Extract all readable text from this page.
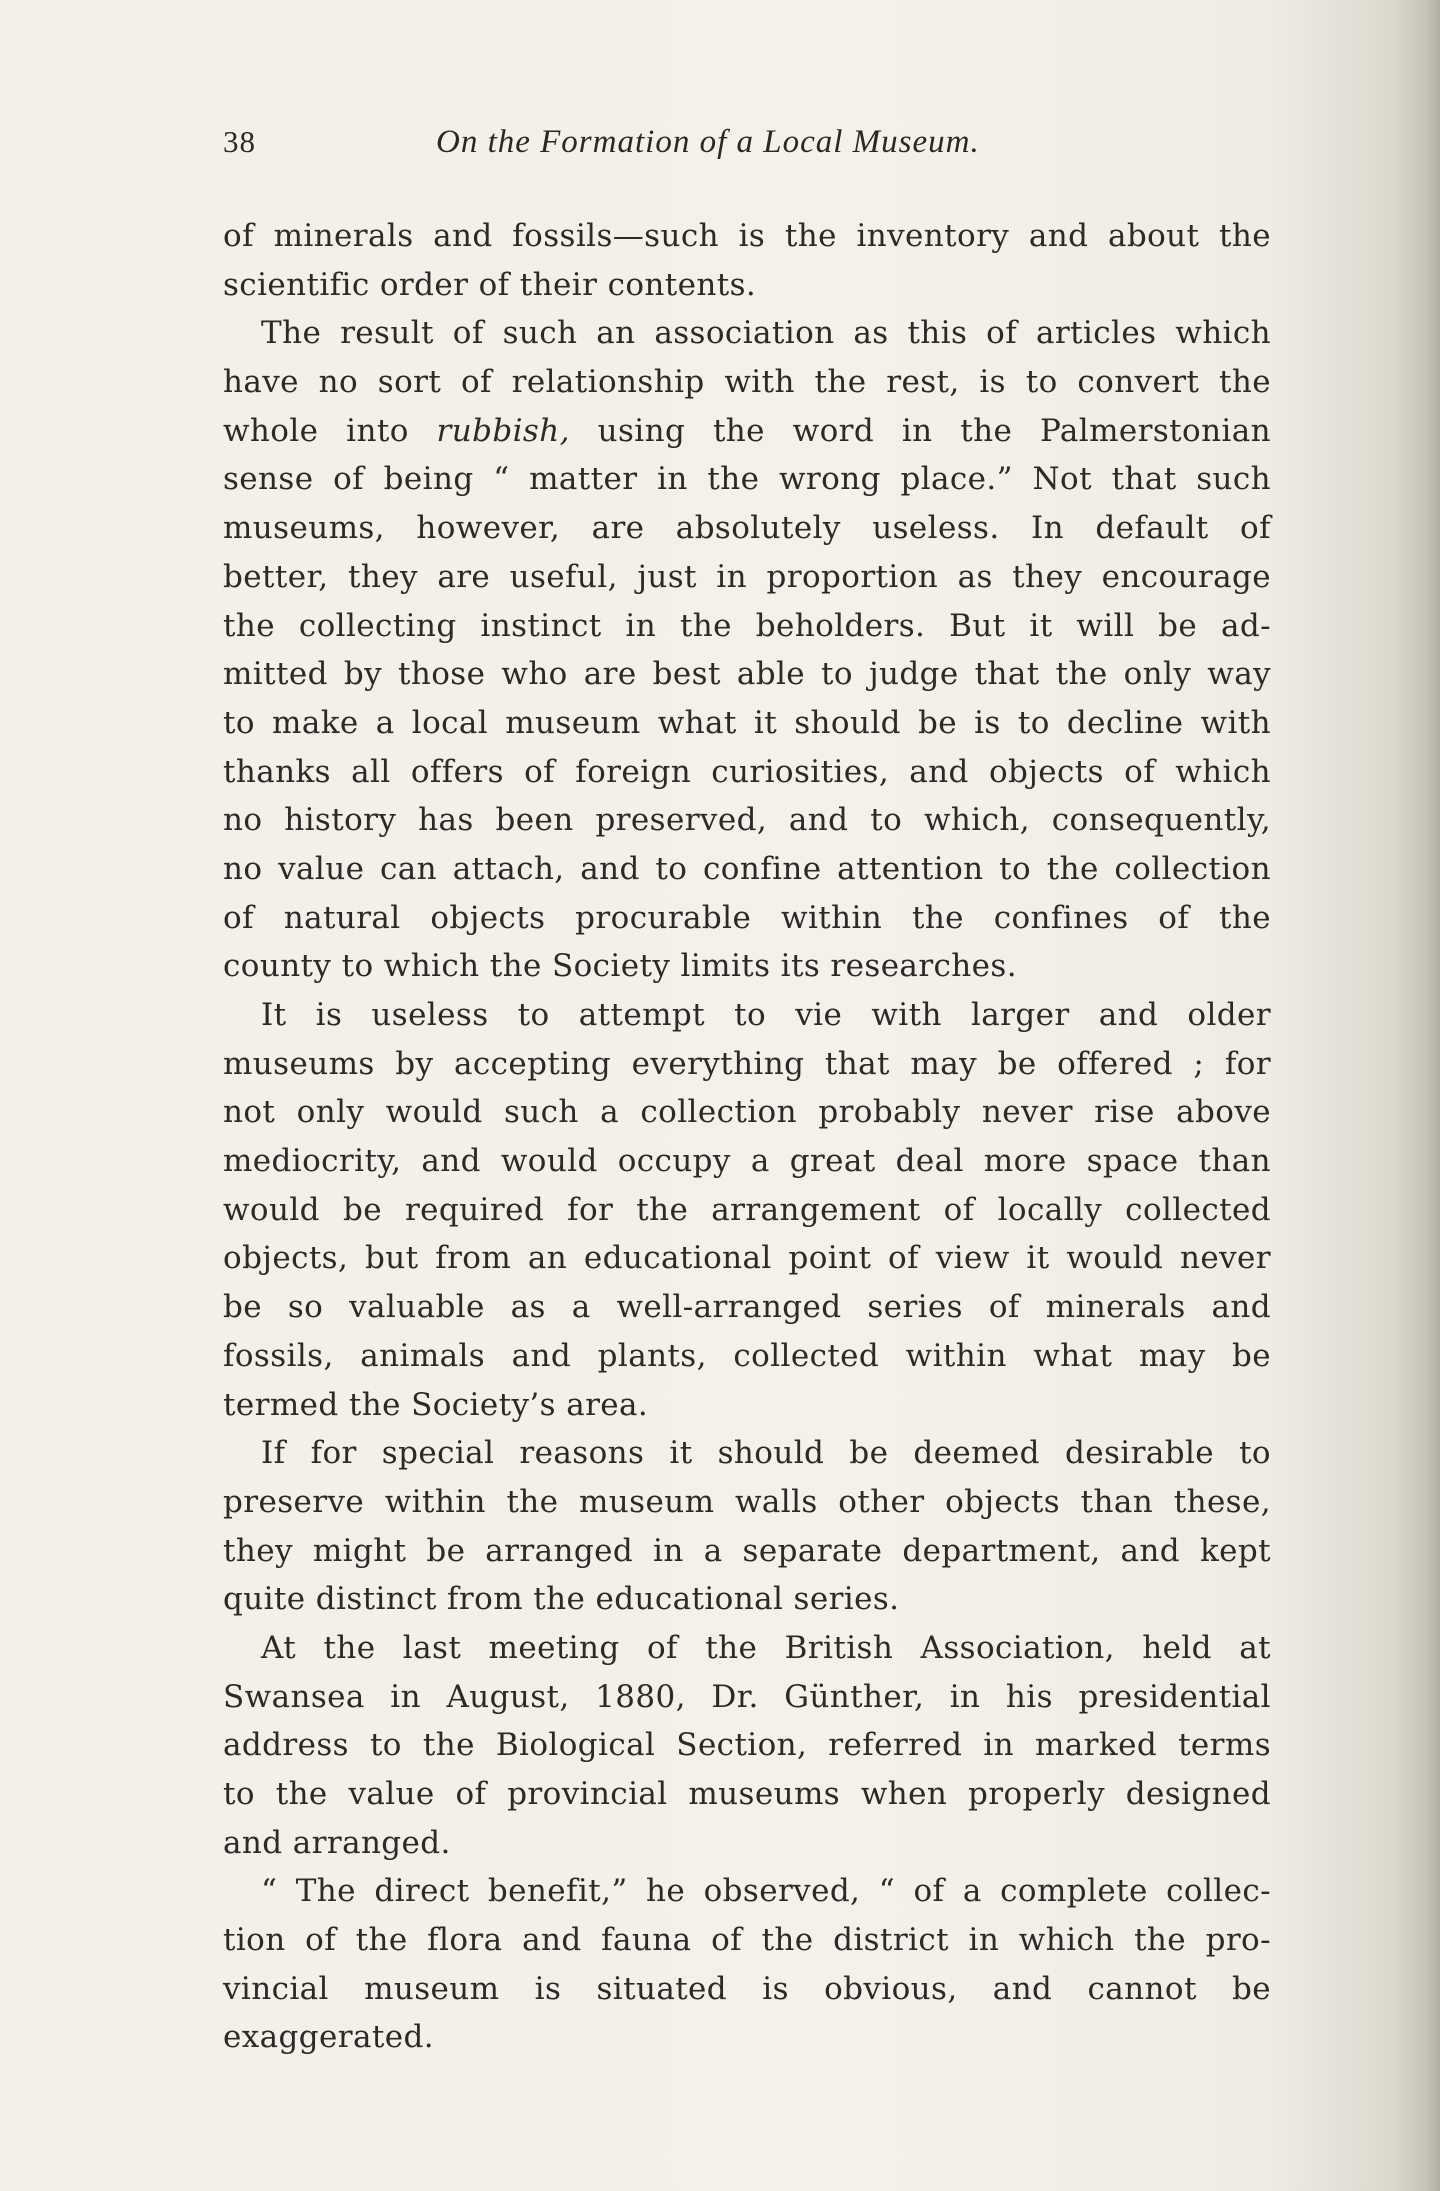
38	On the Formation of a Local Museum.
of minerals and fossils—such is the inventory and about the
scientific order of their contents.
The result of such an association as this of articles which
have no sort of relationship with the rest, is to convert the
whole into rubbish, using the word in the Palmerstonian
sense of being “ matter in the wrong place.” Not that such
museums, however, are absolutely useless. In default of
better, they are useful, just in proportion as they encourage
the collecting instinct in the beholders. But it will be ad-
mitted by those who are best able to judge that the only way
to make a local museum what it should be is to decline with
thanks all offers of foreign curiosities, and objects of which
no history has been preserved, and to which, consequently,
no value can attach, and to confine attention to the collection
of natural objects procurable within the confines of the
county to which the Society limits its researches.
It is useless to attempt to vie with larger and older
museums by accepting everything that may be offered ; for
not only would such a collection probably never rise above
mediocrity, and would occupy a great deal more space than
would be required for the arrangement of locally collected
objects, but from an educational point of view it would never
be so valuable as a well-arranged series of minerals and
fossils, animals and plants, collected within what may be
termed the Society’s area.
If for special reasons it should be deemed desirable to
preserve within the museum walls other objects than these,
they might be arranged in a separate department, and kept
quite distinct from the educational series.
At the last meeting of the British Association, held at
Swansea in August, 1880, Dr. Günther, in his presidential
address to the Biological Section, referred in marked terms
to the value of provincial museums when properly designed
and arranged.
“ The direct benefit,” he observed, “ of a complete collec-
tion of the flora and fauna of the district in which the pro-
vincial museum is situated is obvious, and cannot be
exaggerated.
